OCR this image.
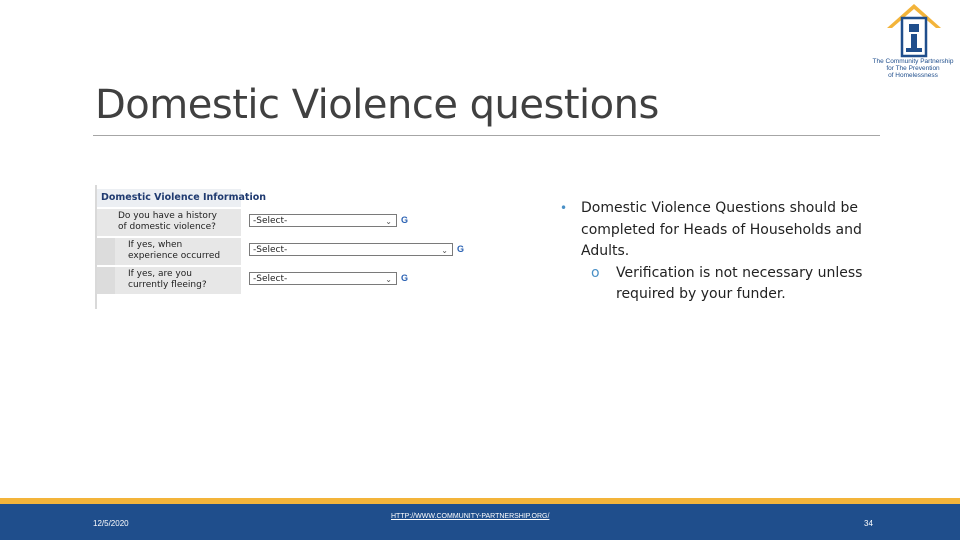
Domestic Violence questions
The Community Partnership
for The Prevention
of Homelessness
Domestic Violence Information
Do you have a history
of domestic violence?
-Select-	⌄ G
If yes, when
experience occurred
-Select-	⌄ G
If yes, are you
currently fleeing?
-Select-	⌄ G
• Domestic Violence Questions should be completed for Heads of Households and Adults.
o Verification is not necessary unless required by your funder.
12/5/2020
HTTP://WWW.COMMUNITY-PARTNERSHIP.ORG/
34
